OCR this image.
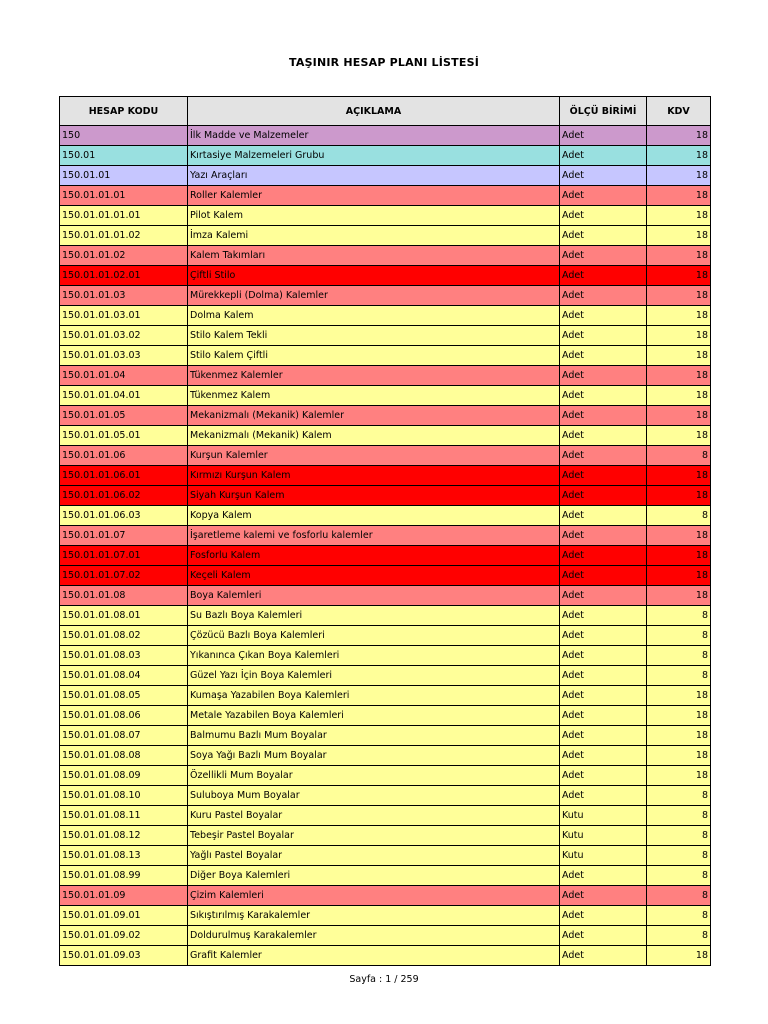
TAŞINIR HESAP PLANI LİSTESİ
HESAP KODU	AÇIKLAMA	ÖLÇÜ BİRİMİ	KDV
150	İlk Madde ve Malzemeler	Adet	18
150.01	Kırtasiye Malzemeleri Grubu	Adet	18
150.01.01	Yazı Araçları	Adet	18
150.01.01.01	Roller Kalemler	Adet	18
150.01.01.01.01	Pilot Kalem	Adet	18
150.01.01.01.02	İmza Kalemi	Adet	18
150.01.01.02	Kalem Takımları	Adet	18
150.01.01.02.01	Çiftli Stilo	Adet	18
150.01.01.03	Mürekkepli (Dolma) Kalemler	Adet	18
150.01.01.03.01	Dolma Kalem	Adet	18
150.01.01.03.02	Stilo Kalem Tekli	Adet	18
150.01.01.03.03	Stilo Kalem Çiftli	Adet	18
150.01.01.04	Tükenmez Kalemler	Adet	18
150.01.01.04.01	Tükenmez Kalem	Adet	18
150.01.01.05	Mekanizmalı (Mekanik) Kalemler	Adet	18
150.01.01.05.01	Mekanizmalı (Mekanik) Kalem	Adet	18
150.01.01.06	Kurşun Kalemler	Adet	8
150.01.01.06.01	Kırmızı Kurşun Kalem	Adet	18
150.01.01.06.02	Siyah Kurşun Kalem	Adet	18
150.01.01.06.03	Kopya Kalem	Adet	8
150.01.01.07	İşaretleme kalemi ve fosforlu kalemler	Adet	18
150.01.01.07.01	Fosforlu Kalem	Adet	18
150.01.01.07.02	Keçeli Kalem	Adet	18
150.01.01.08	Boya Kalemleri	Adet	18
150.01.01.08.01	Su Bazlı Boya Kalemleri	Adet	8
150.01.01.08.02	Çözücü Bazlı Boya Kalemleri	Adet	8
150.01.01.08.03	Yıkanınca Çıkan Boya Kalemleri	Adet	8
150.01.01.08.04	Güzel Yazı İçin Boya Kalemleri	Adet	8
150.01.01.08.05	Kumaşa Yazabilen Boya Kalemleri	Adet	18
150.01.01.08.06	Metale Yazabilen Boya Kalemleri	Adet	18
150.01.01.08.07	Balmumu Bazlı Mum Boyalar	Adet	18
150.01.01.08.08	Soya Yağı Bazlı Mum Boyalar	Adet	18
150.01.01.08.09	Özellikli Mum Boyalar	Adet	18
150.01.01.08.10	Suluboya Mum Boyalar	Adet	8
150.01.01.08.11	Kuru Pastel Boyalar	Kutu	8
150.01.01.08.12	Tebeşir Pastel Boyalar	Kutu	8
150.01.01.08.13	Yağlı Pastel Boyalar	Kutu	8
150.01.01.08.99	Diğer Boya Kalemleri	Adet	8
150.01.01.09	Çizim Kalemleri	Adet	8
150.01.01.09.01	Sıkıştırılmış Karakalemler	Adet	8
150.01.01.09.02	Doldurulmuş Karakalemler	Adet	8
150.01.01.09.03	Grafit Kalemler	Adet	18
Sayfa : 1 / 259
